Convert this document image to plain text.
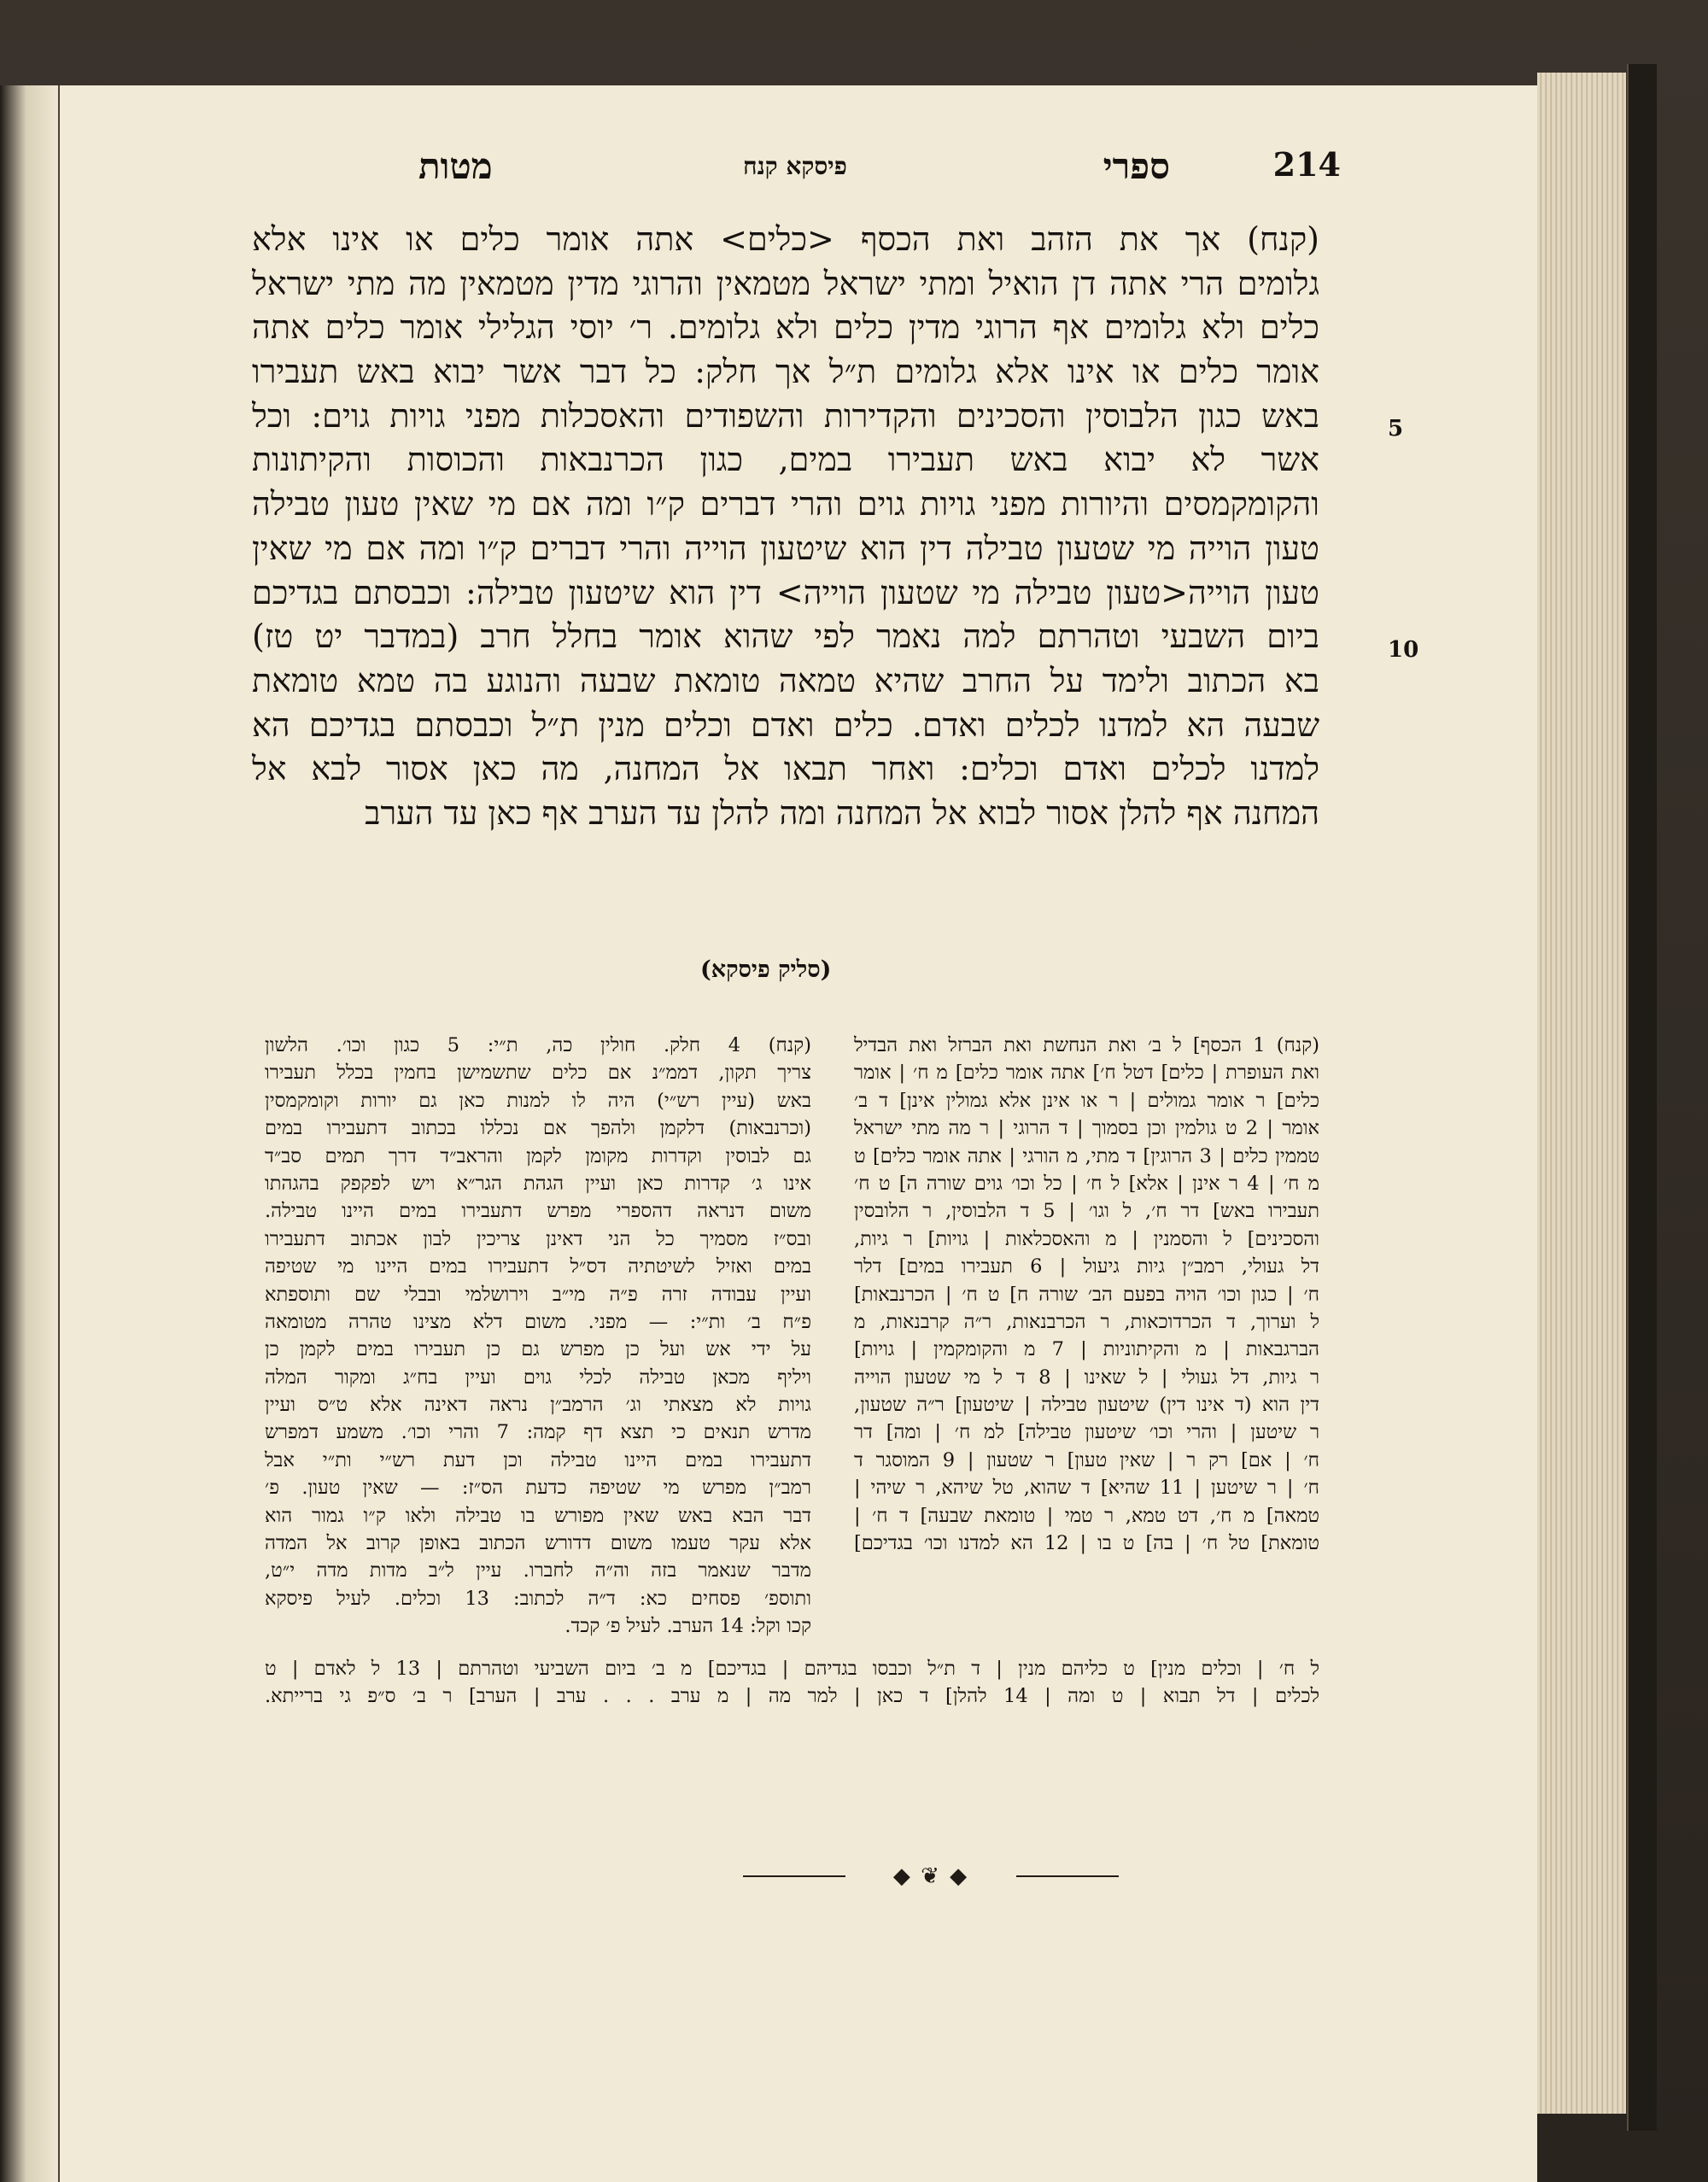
214
ספרי
פיסקא קנח
מטות
(קנח) אך את הזהב ואת הכסף <כלים> אתה אומר כלים או אינו אלא
גלומים הרי אתה דן הואיל ומתי ישראל מטמאין והרוגי מדין מטמאין מה מתי ישראל
כלים ולא גלומים אף הרוגי מדין כלים ולא גלומים. ר׳ יוסי הגלילי אומר כלים אתה
אומר כלים או אינו אלא גלומים ת״ל אך חלק: כל דבר אשר יבוא באש תעבירו
באש כגון הלבוסין והסכינים והקדירות והשפודים והאסכלות מפני גויות גוים: וכל
אשר לא יבוא באש תעבירו במים, כגון הכרנבאות והכוסות והקיתונות
והקומקמסים והיורות מפני גויות גוים והרי דברים ק״ו ומה אם מי שאין טעון טבילה
טעון הוייה מי שטעון טבילה דין הוא שיטעון הוייה והרי דברים ק״ו ומה אם מי שאין
טעון הוייה<טעון טבילה מי שטעון הוייה> דין הוא שיטעון טבילה: וכבסתם בגדיכם
ביום השבעי וטהרתם למה נאמר לפי שהוא אומר בחלל חרב (במדבר יט טז)
בא הכתוב ולימד על החרב שהיא טמאה טומאת שבעה והנוגע בה טמא טומאת
שבעה הא למדנו לכלים ואדם. כלים ואדם וכלים מנין ת״ל וכבסתם בגדיכם הא
למדנו לכלים ואדם וכלים: ואחר תבאו אל המחנה, מה כאן אסור לבא אל
המחנה אף להלן אסור לבוא אל המחנה ומה להלן עד הערב אף כאן עד הערב
5
10
(סליק פיסקא)
(קנח) 1 הכסף] ל ב׳ ואת הנחשת ואת הברזל ואת הבדיל
ואת העופרת | כלים] דטל ח׳] אתה אומר כלים] מ ח׳ | אומר
כלים] ר אומר גמולים | ר או אינן אלא גמולין אינן] ד ב׳
אומר | 2 ט גולמין וכן בסמוך | ד הרוגי | ר מה מתי ישראל
טממין כלים | 3 הרוגין] ד מתי, מ הורגי | אתה אומר כלים] ט
מ ח׳ | 4 ר אינן | אלא] ל ח׳ | כל וכו׳ גוים שורה ה] ט ח׳
תעבירו באש] דר ח׳, ל וגו׳ | 5 ד הלבוסין, ר הלובסין
והסכינים] ל והסמנין | מ והאסכלאות | גויות] ר גיות,
דל געולי, רמב״ן גיות גיעול | 6 תעבירו במים] דלר
ח׳ | כגון וכו׳ הויה בפעם הב׳ שורה ח] ט ח׳ | הכרנבאות]
ל וערוך, ד הכרדוכאות, ר הכרבנאות, ר״ה קרבנאות, מ
הברגבאות | מ והקיתוניות | 7 מ והקומקמין | גויות]
ר גיות, דל געולי | ל שאינו | 8 ד ל מי שטעון הוייה
דין הוא (ד אינו דין) שיטעון טבילה | שיטעון] ר״ה שטעון,
ר שיטען | והרי וכו׳ שיטעון טבילה] למ ח׳ | ומה] דר
ח׳ | אם] רק ר | שאין טעון] ר שטעון | 9 המוסגר ד
ח׳ | ר שיטען | 11 שהיא] ד שהוא, טל שיהא, ר שיהי |
טמאה] מ ח׳, דט טמא, ר טמי | טומאת שבעה] ד ח׳ |
טומאת] טל ח׳ | בה] ט בו | 12 הא למדנו וכו׳ בגדיכם]
(קנח) 4 חלק. חולין כה, ת״י: 5 כגון וכו׳. הלשון
צריך תקון, דממ״נ אם כלים שתשמישן בחמין בכלל תעבירו
באש (עיין רש״י) היה לו למנות כאן גם יורות וקומקמסין
(וכרנבאות) דלקמן ולהפך אם נכללו בכתוב דתעבירו במים
גם לבוסין וקדרות מקומן לקמן והראב״ד דרך תמים סב״ד
אינו ג׳ קדרות כאן ועיין הגהת הגר״א ויש לפקפק בהגהתו
משום דנראה דהספרי מפרש דתעבירו במים היינו טבילה.
ובס״ז מסמיך כל הני דאינן צריכין לבון אכתוב דתעבירו
במים ואזיל לשיטתיה דס״ל דתעבירו במים היינו מי שטיפה
ועיין עבודה זרה פ״ה מי״ב וירושלמי ובבלי שם ותוספתא
פ״ח ב׳ ות״י: — מפני. משום דלא מצינו טהרה מטומאה
על ידי אש ועל כן מפרש גם כן תעבירו במים לקמן כן
ויליף מכאן טבילה לכלי גוים ועיין בח״ג ומקור המלה
גויות לא מצאתי וג׳ הרמב״ן נראה דאינה אלא ט״ס ועיין
מדרש תנאים כי תצא דף קמה: 7 והרי וכו׳. משמע דמפרש
דתעבירו במים היינו טבילה וכן דעת רש״י ות״י אבל
רמב״ן מפרש מי שטיפה כדעת הס״ז: — שאין טעון. פ׳
דבר הבא באש שאין מפורש בו טבילה ולאו ק״ו גמור הוא
אלא עקר טעמו משום דדורש הכתוב באופן קרוב אל המדה
מדבר שנאמר בזה וה״ה לחברו. עיין ל״ב מדות מדה י״ט,
ותוספ׳ פסחים כא: ד״ה לכתוב: 13 וכלים. לעיל פיסקא
קכו וקל: 14 הערב. לעיל פ׳ קכד.
ל ח׳ | וכלים מנין] ט כליהם מנין | ד ת״ל וכבסו בגדיהם | בגדיכם] מ ב׳ ביום השביעי וטהרתם | 13 ל לאדם | ט
לכלים | דל תבוא | ט ומה | 14 להלן] ד כאן | למר מה | מ ערב . . . ערב | הערב] ר ב׳ ס״פ גי ברייתא.
◆ ❦ ◆
